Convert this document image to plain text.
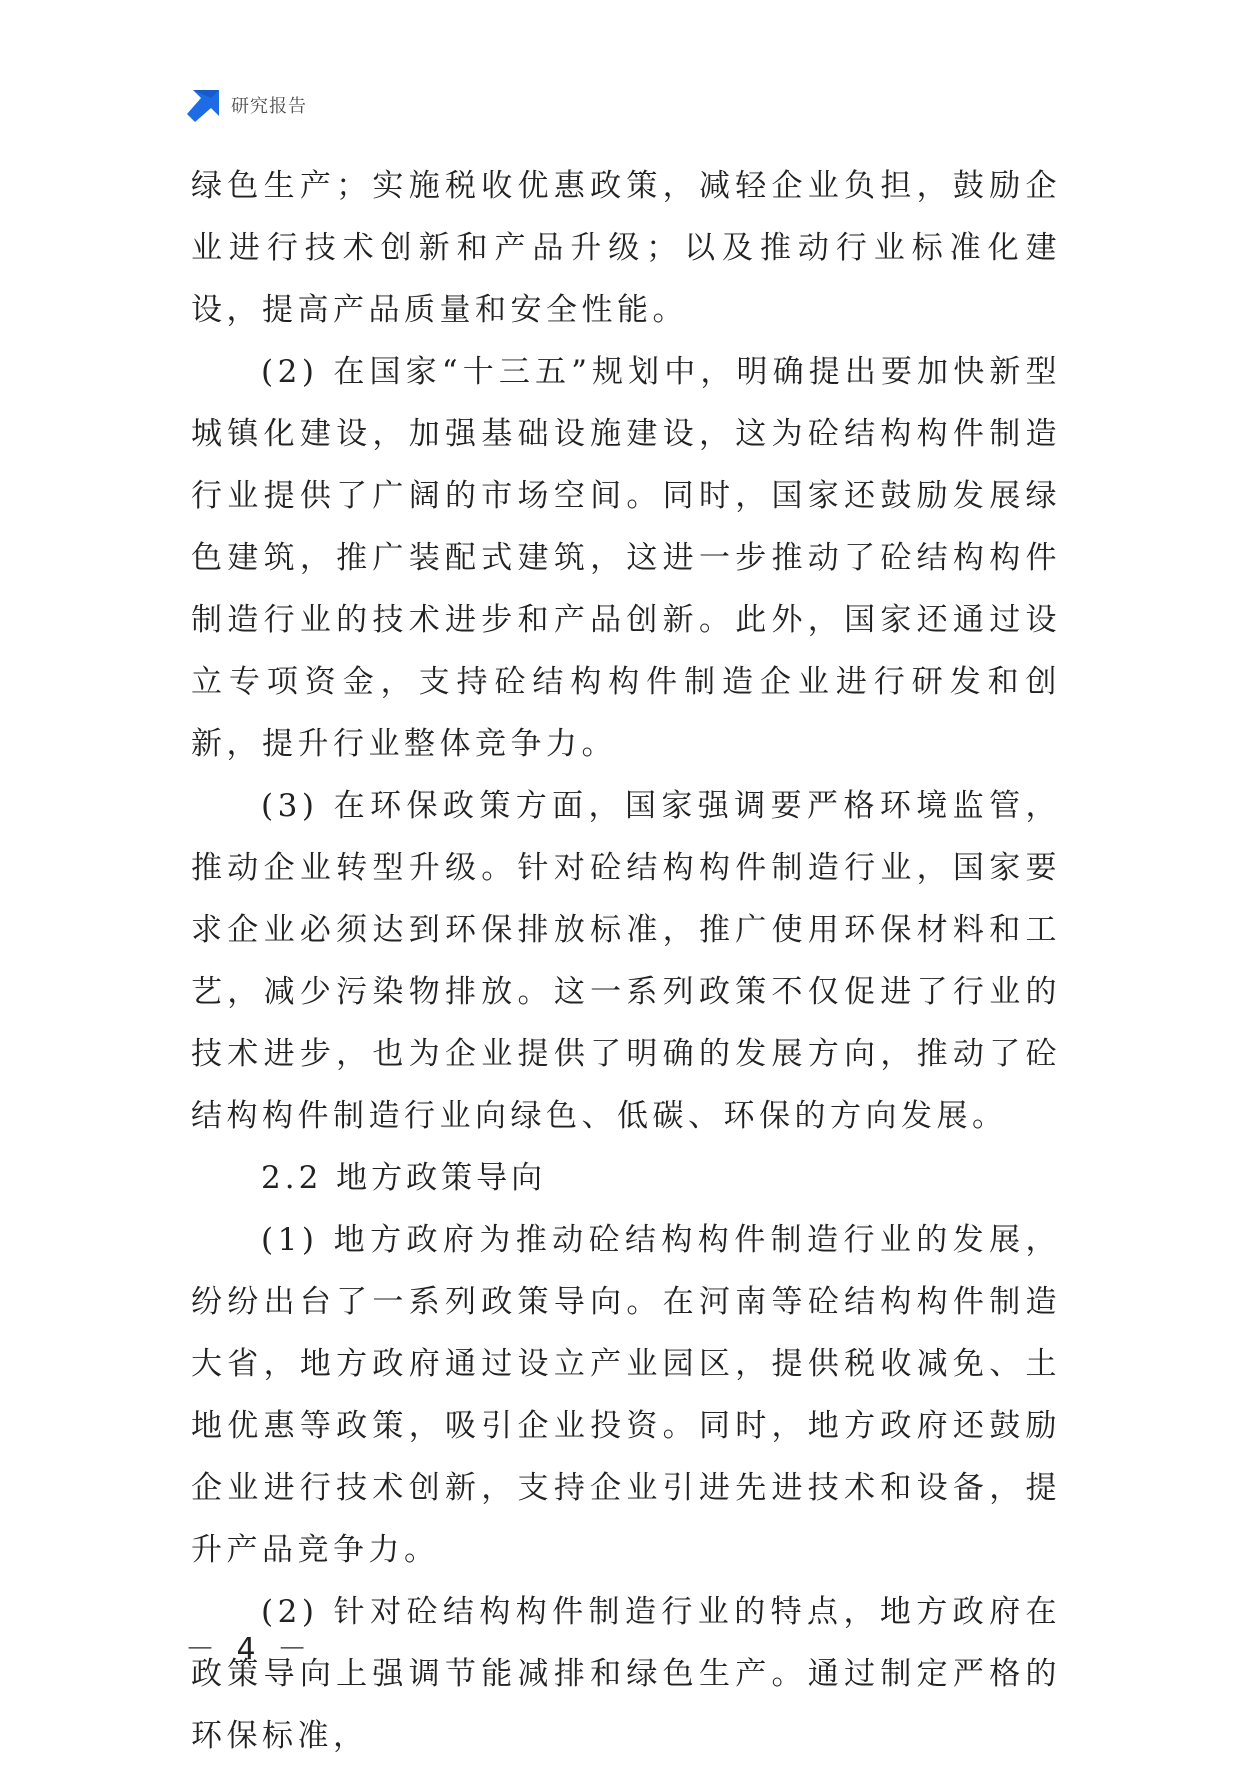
研究报告

绿色生产；实施税收优惠政策，减轻企业负担，鼓励企业进行技术创新和产品升级；以及推动行业标准化建设，提高产品质量和安全性能。

(2) 在国家“十三五”规划中，明确提出要加快新型城镇化建设，加强基础设施建设，这为砼结构构件制造行业提供了广阔的市场空间。同时，国家还鼓励发展绿色建筑，推广装配式建筑，这进一步推动了砼结构构件制造行业的技术进步和产品创新。此外，国家还通过设立专项资金，支持砼结构构件制造企业进行研发和创新，提升行业整体竞争力。

(3) 在环保政策方面，国家强调要严格环境监管，推动企业转型升级。针对砼结构构件制造行业，国家要求企业必须达到环保排放标准，推广使用环保材料和工艺，减少污染物排放。这一系列政策不仅促进了行业的技术进步，也为企业提供了明确的发展方向，推动了砼结构构件制造行业向绿色、低碳、环保的方向发展。

2.2 地方政策导向

(1) 地方政府为推动砼结构构件制造行业的发展，纷纷出台了一系列政策导向。在河南等砼结构构件制造大省，地方政府通过设立产业园区，提供税收减免、土地优惠等政策，吸引企业投资。同时，地方政府还鼓励企业进行技术创新，支持企业引进先进技术和设备，提升产品竞争力。

(2) 针对砼结构构件制造行业的特点，地方政府在政策导向上强调节能减排和绿色生产。通过制定严格的环保标准，

－ 4 －
